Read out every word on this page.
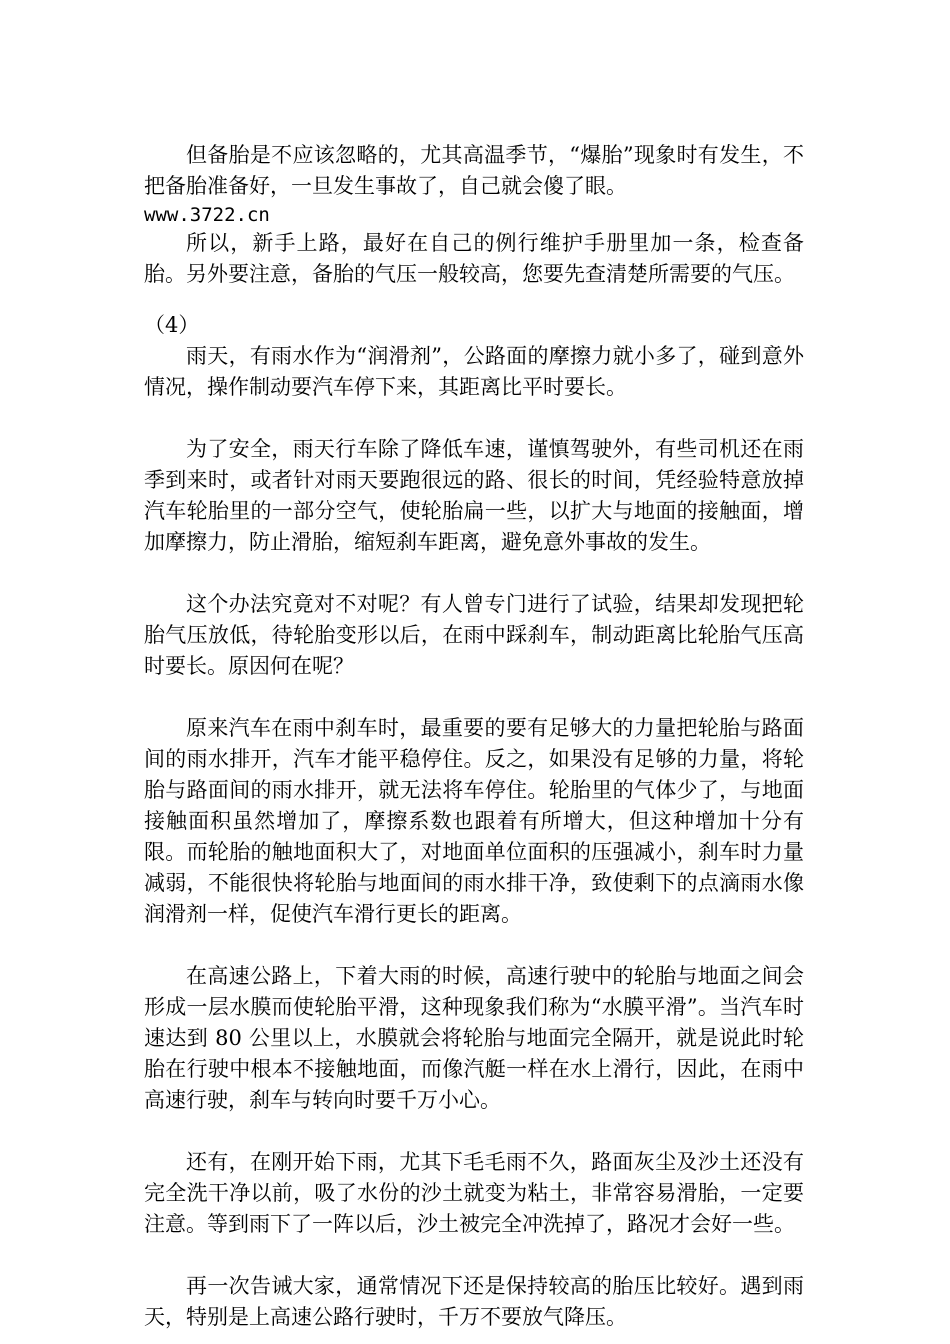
但备胎是不应该忽略的，尤其高温季节，“爆胎”现象时有发生，不把备胎准备好，一旦发生事故了，自己就会傻了眼。

www.3722.cn

所以，新手上路，最好在自己的例行维护手册里加一条，检查备胎。另外要注意，备胎的气压一般较高，您要先查清楚所需要的气压。

（4）

雨天，有雨水作为“润滑剂”，公路面的摩擦力就小多了，碰到意外情况，操作制动要汽车停下来，其距离比平时要长。

为了安全，雨天行车除了降低车速，谨慎驾驶外，有些司机还在雨季到来时，或者针对雨天要跑很远的路、很长的时间，凭经验特意放掉汽车轮胎里的一部分空气，使轮胎扁一些，以扩大与地面的接触面，增加摩擦力，防止滑胎，缩短刹车距离，避免意外事故的发生。

这个办法究竟对不对呢？有人曾专门进行了试验，结果却发现把轮胎气压放低，待轮胎变形以后，在雨中踩刹车，制动距离比轮胎气压高时要长。原因何在呢？

原来汽车在雨中刹车时，最重要的要有足够大的力量把轮胎与路面间的雨水排开，汽车才能平稳停住。反之，如果没有足够的力量，将轮胎与路面间的雨水排开，就无法将车停住。轮胎里的气体少了，与地面接触面积虽然增加了，摩擦系数也跟着有所增大，但这种增加十分有限。而轮胎的触地面积大了，对地面单位面积的压强减小，刹车时力量减弱，不能很快将轮胎与地面间的雨水排干净，致使剩下的点滴雨水像润滑剂一样，促使汽车滑行更长的距离。

在高速公路上，下着大雨的时候，高速行驶中的轮胎与地面之间会形成一层水膜而使轮胎平滑，这种现象我们称为“水膜平滑”。当汽车时速达到 80 公里以上，水膜就会将轮胎与地面完全隔开，就是说此时轮胎在行驶中根本不接触地面，而像汽艇一样在水上滑行，因此，在雨中高速行驶，刹车与转向时要千万小心。

还有，在刚开始下雨，尤其下毛毛雨不久，路面灰尘及沙土还没有完全洗干净以前，吸了水份的沙土就变为粘土，非常容易滑胎，一定要注意。等到雨下了一阵以后，沙土被完全冲洗掉了，路况才会好一些。

再一次告诫大家，通常情况下还是保持较高的胎压比较好。遇到雨天，特别是上高速公路行驶时，千万不要放气降压。
